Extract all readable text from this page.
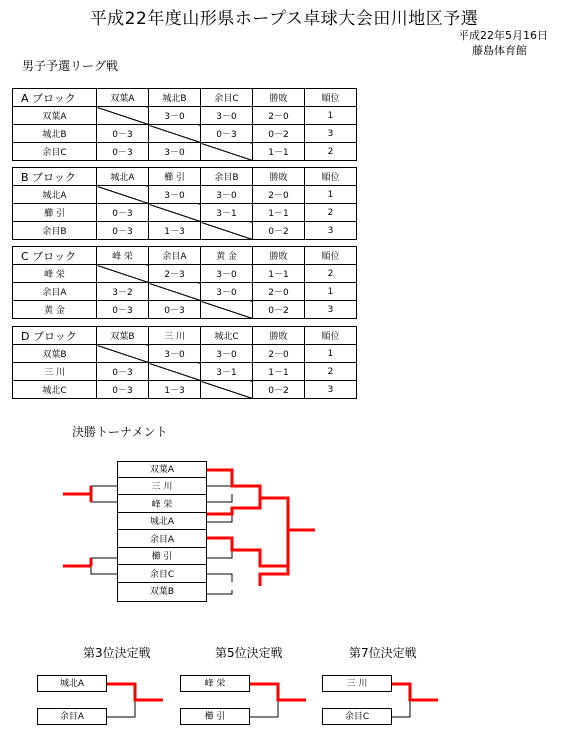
平成22年度山形県ホープス卓球大会田川地区予選
平成22年5月16日
藤島体育館
男子予選リーグ戦
A ブロック	双葉A	城北B	余目C	勝敗	順位
双葉A		3－0	3－0	2－0	1
城北B	0－3		0－3	0－2	3
余目C	0－3	3－0		1－1	2
B ブロック	城北A	櫛 引	余目B	勝敗	順位
城北A		3－0	3－0	2－0	1
櫛 引	0－3		3－1	1－1	2
余目B	0－3	1－3		0－2	3
C ブロック	峰 栄	余目A	黄 金	勝敗	順位
峰 栄		2－3	3－0	1－1	2
余目A	3－2		3－0	2－0	1
黄 金	0－3	0－3		0－2	3
D ブロック	双葉B	三 川	城北C	勝敗	順位
双葉B		3－0	3－0	2－0	1
三 川	0－3		3－1	1－1	2
城北C	0－3	1－3		0－2	3
決勝トーナメント
双葉A
三 川
峰 栄
城北A
余目A
櫛 引
余目C
双葉B
第3位決定戦	第5位決定戦	第7位決定戦
城北A
余目A
峰 栄
櫛 引
三 川
余目C
